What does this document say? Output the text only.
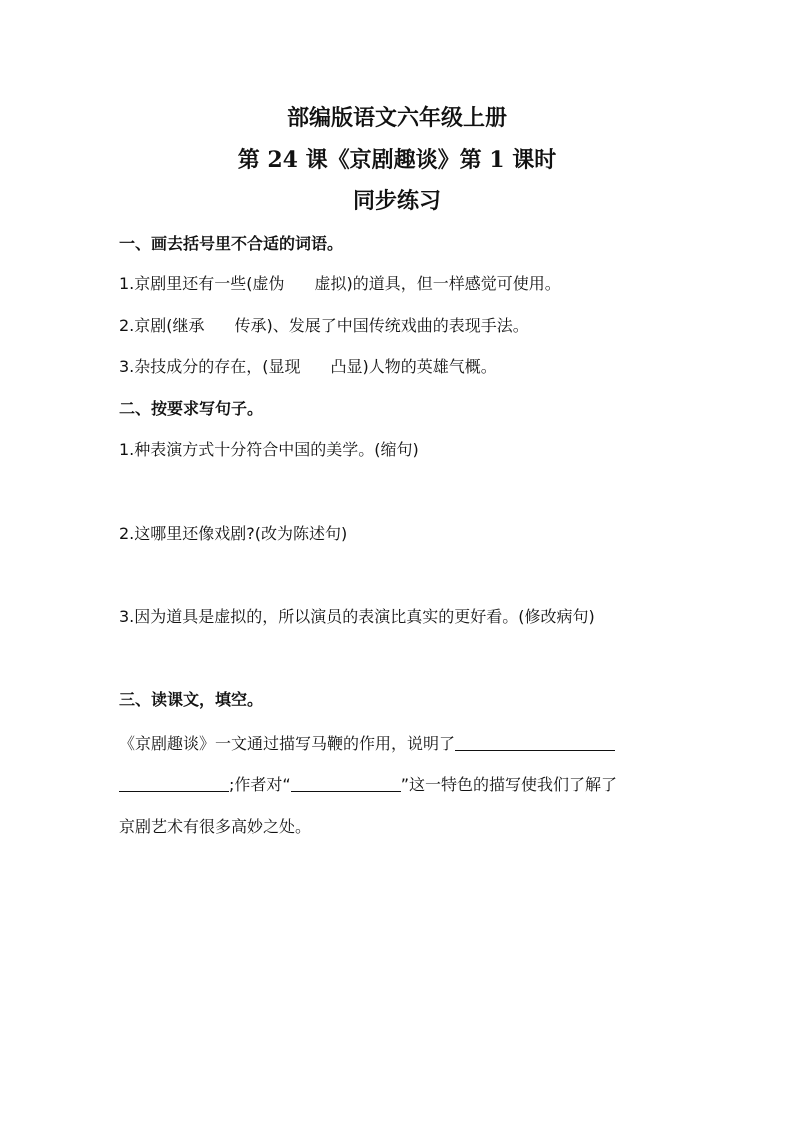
部编版语文六年级上册
第 24 课《京剧趣谈》第 1 课时
同步练习
一、画去括号里不合适的词语。
1.京剧里还有一些(虚伪 虚拟)的道具，但一样感觉可使用。
2.京剧(继承 传承)、发展了中国传统戏曲的表现手法。
3.杂技成分的存在，(显现 凸显)人物的英雄气概。
二、按要求写句子。
1.种表演方式十分符合中国的美学。(缩句)
2.这哪里还像戏剧?(改为陈述句)
3.因为道具是虚拟的，所以演员的表演比真实的更好看。(修改病句)
三、读课文，填空。
《京剧趣谈》一文通过描写马鞭的作用，说明了
;作者对“	”这一特色的描写使我们了解了
京剧艺术有很多高妙之处。
